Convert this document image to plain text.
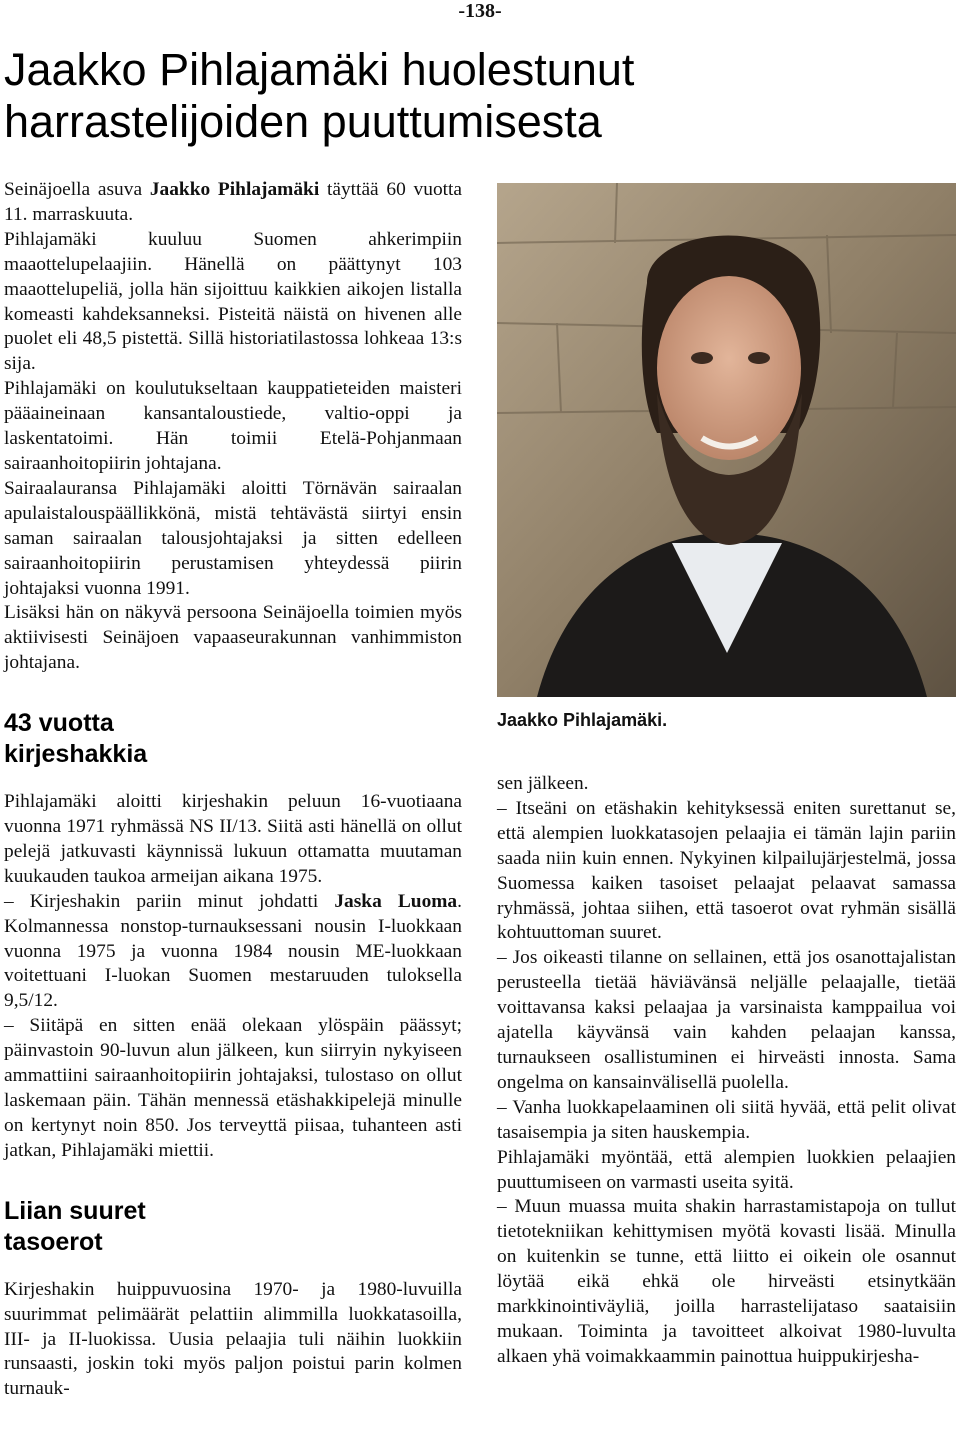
-138-
Jaakko Pihlajamäki huolestunut
harrastelijoiden puuttumisesta

Seinäjoella asuva Jaakko Pihlajamäki täyttää 60 vuotta 11. marraskuuta.

Pihlajamäki kuuluu Suomen ahkerimpiin maaottelupelaajiin. Hänellä on päättynyt 103 maaottelupeliä, jolla hän sijoittuu kaikkien aikojen listalla komeasti kahdeksanneksi. Pisteitä näistä on hivenen alle puolet eli 48,5 pistettä. Sillä historiatilastossa lohkeaa 13:s sija.

Pihlajamäki on koulutukseltaan kauppatieteiden maisteri pääaineinaan kansantaloustiede, valtio-oppi ja laskentatoimi. Hän toimii Etelä-Pohjanmaan sairaanhoitopiirin johtajana.

Sairaalauransa Pihlajamäki aloitti Törnävän sairaalan apulaistalouspäällikkönä, mistä tehtävästä siirtyi ensin saman sairaalan talousjohtajaksi ja sitten edelleen sairaanhoitopiirin perustamisen yhteydessä piirin johtajaksi vuonna 1991.

Lisäksi hän on näkyvä persoona Seinäjoella toimien myös aktiivisesti Seinäjoen vapaaseurakunnan vanhimmiston johtajana.

43 vuotta
kirjeshakkia

Pihlajamäki aloitti kirjeshakin peluun 16-vuotiaana vuonna 1971 ryhmässä NS II/13. Siitä asti hänellä on ollut pelejä jatkuvasti käynnissä lukuun ottamatta muutaman kuukauden taukoa armeijan aikana 1975.

– Kirjeshakin pariin minut johdatti Jaska Luoma. Kolmannessa nonstop-turnauksessani nousin I-luokkaan vuonna 1975 ja vuonna 1984 nousin ME-luokkaan voitettuani I-luokan Suomen mestaruuden tuloksella 9,5/12.

– Siitäpä en sitten enää olekaan ylöspäin päässyt; päinvastoin 90-luvun alun jälkeen, kun siirryin nykyiseen ammattiini sairaanhoitopiirin johtajaksi, tulostaso on ollut laskemaan päin. Tähän mennessä etäshakkipelejä minulle on kertynyt noin 850. Jos terveyttä piisaa, tuhanteen asti jatkan, Pihlajamäki miettii.

Liian suuret
tasoerot

Kirjeshakin huippuvuosina 1970- ja 1980-luvuilla suurimmat pelimäärät pelattiin alimmilla luokkatasoilla, III- ja II-luokissa. Uusia pelaajia tuli näihin luokkiin runsaasti, joskin toki myös paljon poistui parin kolmen turnauk-

Jaakko Pihlajamäki.

sen jälkeen.

– Itseäni on etäshakin kehityksessä eniten surettanut se, että alempien luokkatasojen pelaajia ei tämän lajin pariin saada niin kuin ennen. Nykyinen kilpailujärjestelmä, jossa Suomessa kaiken tasoiset pelaajat pelaavat samassa ryhmässä, johtaa siihen, että tasoerot ovat ryhmän sisällä kohtuuttoman suuret.

– Jos oikeasti tilanne on sellainen, että jos osanottajalistan perusteella tietää häviävänsä neljälle pelaajalle, tietää voittavansa kaksi pelaajaa ja varsinaista kamppailua voi ajatella käyvänsä vain kahden pelaajan kanssa, turnaukseen osallistuminen ei hirveästi innosta. Sama ongelma on kansainvälisellä puolella.

– Vanha luokkapelaaminen oli siitä hyvää, että pelit olivat tasaisempia ja siten hauskempia.

Pihlajamäki myöntää, että alempien luokkien pelaajien puuttumiseen on varmasti useita syitä.

– Muun muassa muita shakin harrastamistapoja on tullut tietotekniikan kehittymisen myötä kovasti lisää. Minulla on kuitenkin se tunne, että liitto ei oikein ole osannut löytää eikä ehkä ole hirveästi etsinytkään markkinointiväyliä, joilla harrastelijataso saataisiin mukaan. Toiminta ja tavoitteet alkoivat 1980-luvulta alkaen yhä voimakkaammin painottua huippukirjesha-
